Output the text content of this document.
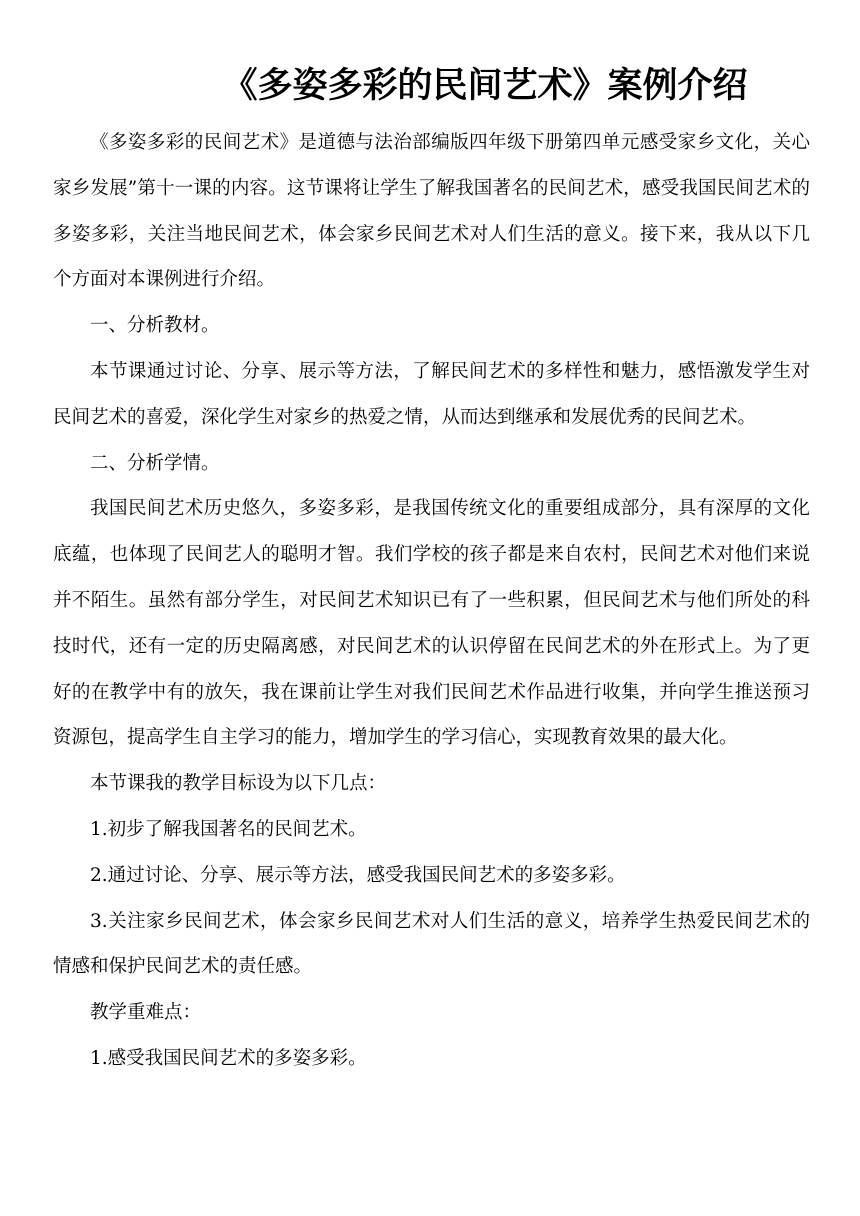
《多姿多彩的民间艺术》案例介绍

《多姿多彩的民间艺术》是道德与法治部编版四年级下册第四单元感受家乡文化，关心家乡发展”第十一课的内容。这节课将让学生了解我国著名的民间艺术，感受我国民间艺术的多姿多彩，关注当地民间艺术，体会家乡民间艺术对人们生活的意义。接下来，我从以下几个方面对本课例进行介绍。

一、分析教材。

本节课通过讨论、分享、展示等方法，了解民间艺术的多样性和魅力，感悟激发学生对民间艺术的喜爱，深化学生对家乡的热爱之情，从而达到继承和发展优秀的民间艺术。

二、分析学情。

我国民间艺术历史悠久，多姿多彩，是我国传统文化的重要组成部分，具有深厚的文化底蕴，也体现了民间艺人的聪明才智。我们学校的孩子都是来自农村，民间艺术对他们来说并不陌生。虽然有部分学生，对民间艺术知识已有了一些积累，但民间艺术与他们所处的科技时代，还有一定的历史隔离感，对民间艺术的认识停留在民间艺术的外在形式上。为了更好的在教学中有的放矢，我在课前让学生对我们民间艺术作品进行收集，并向学生推送预习资源包，提高学生自主学习的能力，增加学生的学习信心，实现教育效果的最大化。

本节课我的教学目标设为以下几点：

1.初步了解我国著名的民间艺术。

2.通过讨论、分享、展示等方法，感受我国民间艺术的多姿多彩。

3.关注家乡民间艺术，体会家乡民间艺术对人们生活的意义，培养学生热爱民间艺术的情感和保护民间艺术的责任感。

教学重难点：

1.感受我国民间艺术的多姿多彩。
